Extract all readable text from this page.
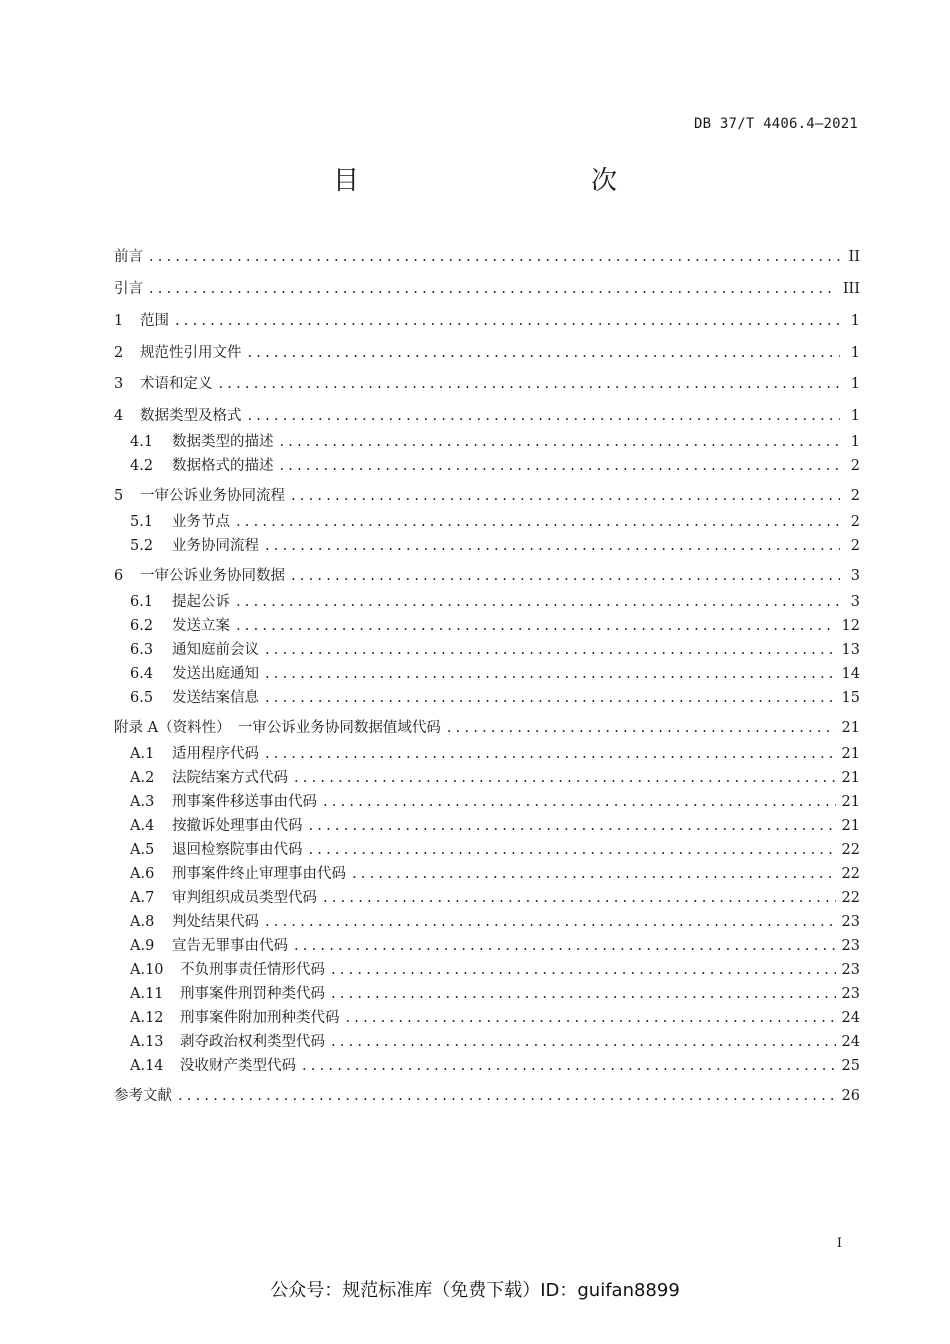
DB 37/T 4406.4—2021
目　　次
前言 .....	II
引言 .....	III
1	范围 .....	1
2	规范性引用文件 .....	1
3	术语和定义 .....	1
4	数据类型及格式 .....	1
4.1	数据类型的描述 .....	1
4.2	数据格式的描述 .....	2
5	一审公诉业务协同流程 .....	2
5.1	业务节点 .....	2
5.2	业务协同流程 .....	2
6	一审公诉业务协同数据 .....	3
6.1	提起公诉 .....	3
6.2	发送立案 .....	12
6.3	通知庭前会议 .....	13
6.4	发送出庭通知 .....	14
6.5	发送结案信息 .....	15
附录 A（资料性）　一审公诉业务协同数据值域代码 .....	21
A.1	适用程序代码 .....	21
A.2	法院结案方式代码 .....	21
A.3	刑事案件移送事由代码 .....	21
A.4	按撤诉处理事由代码 .....	21
A.5	退回检察院事由代码 .....	22
A.6	刑事案件终止审理事由代码 .....	22
A.7	审判组织成员类型代码 .....	22
A.8	判处结果代码 .....	23
A.9	宣告无罪事由代码 .....	23
A.10	不负刑事责任情形代码 .....	23
A.11	刑事案件刑罚种类代码 .....	23
A.12	刑事案件附加刑种类代码 .....	24
A.13	剥夺政治权利类型代码 .....	24
A.14	没收财产类型代码 .....	25
参考文献 .....	26
I
公众号：规范标准库（免费下载）ID：guifan8899
